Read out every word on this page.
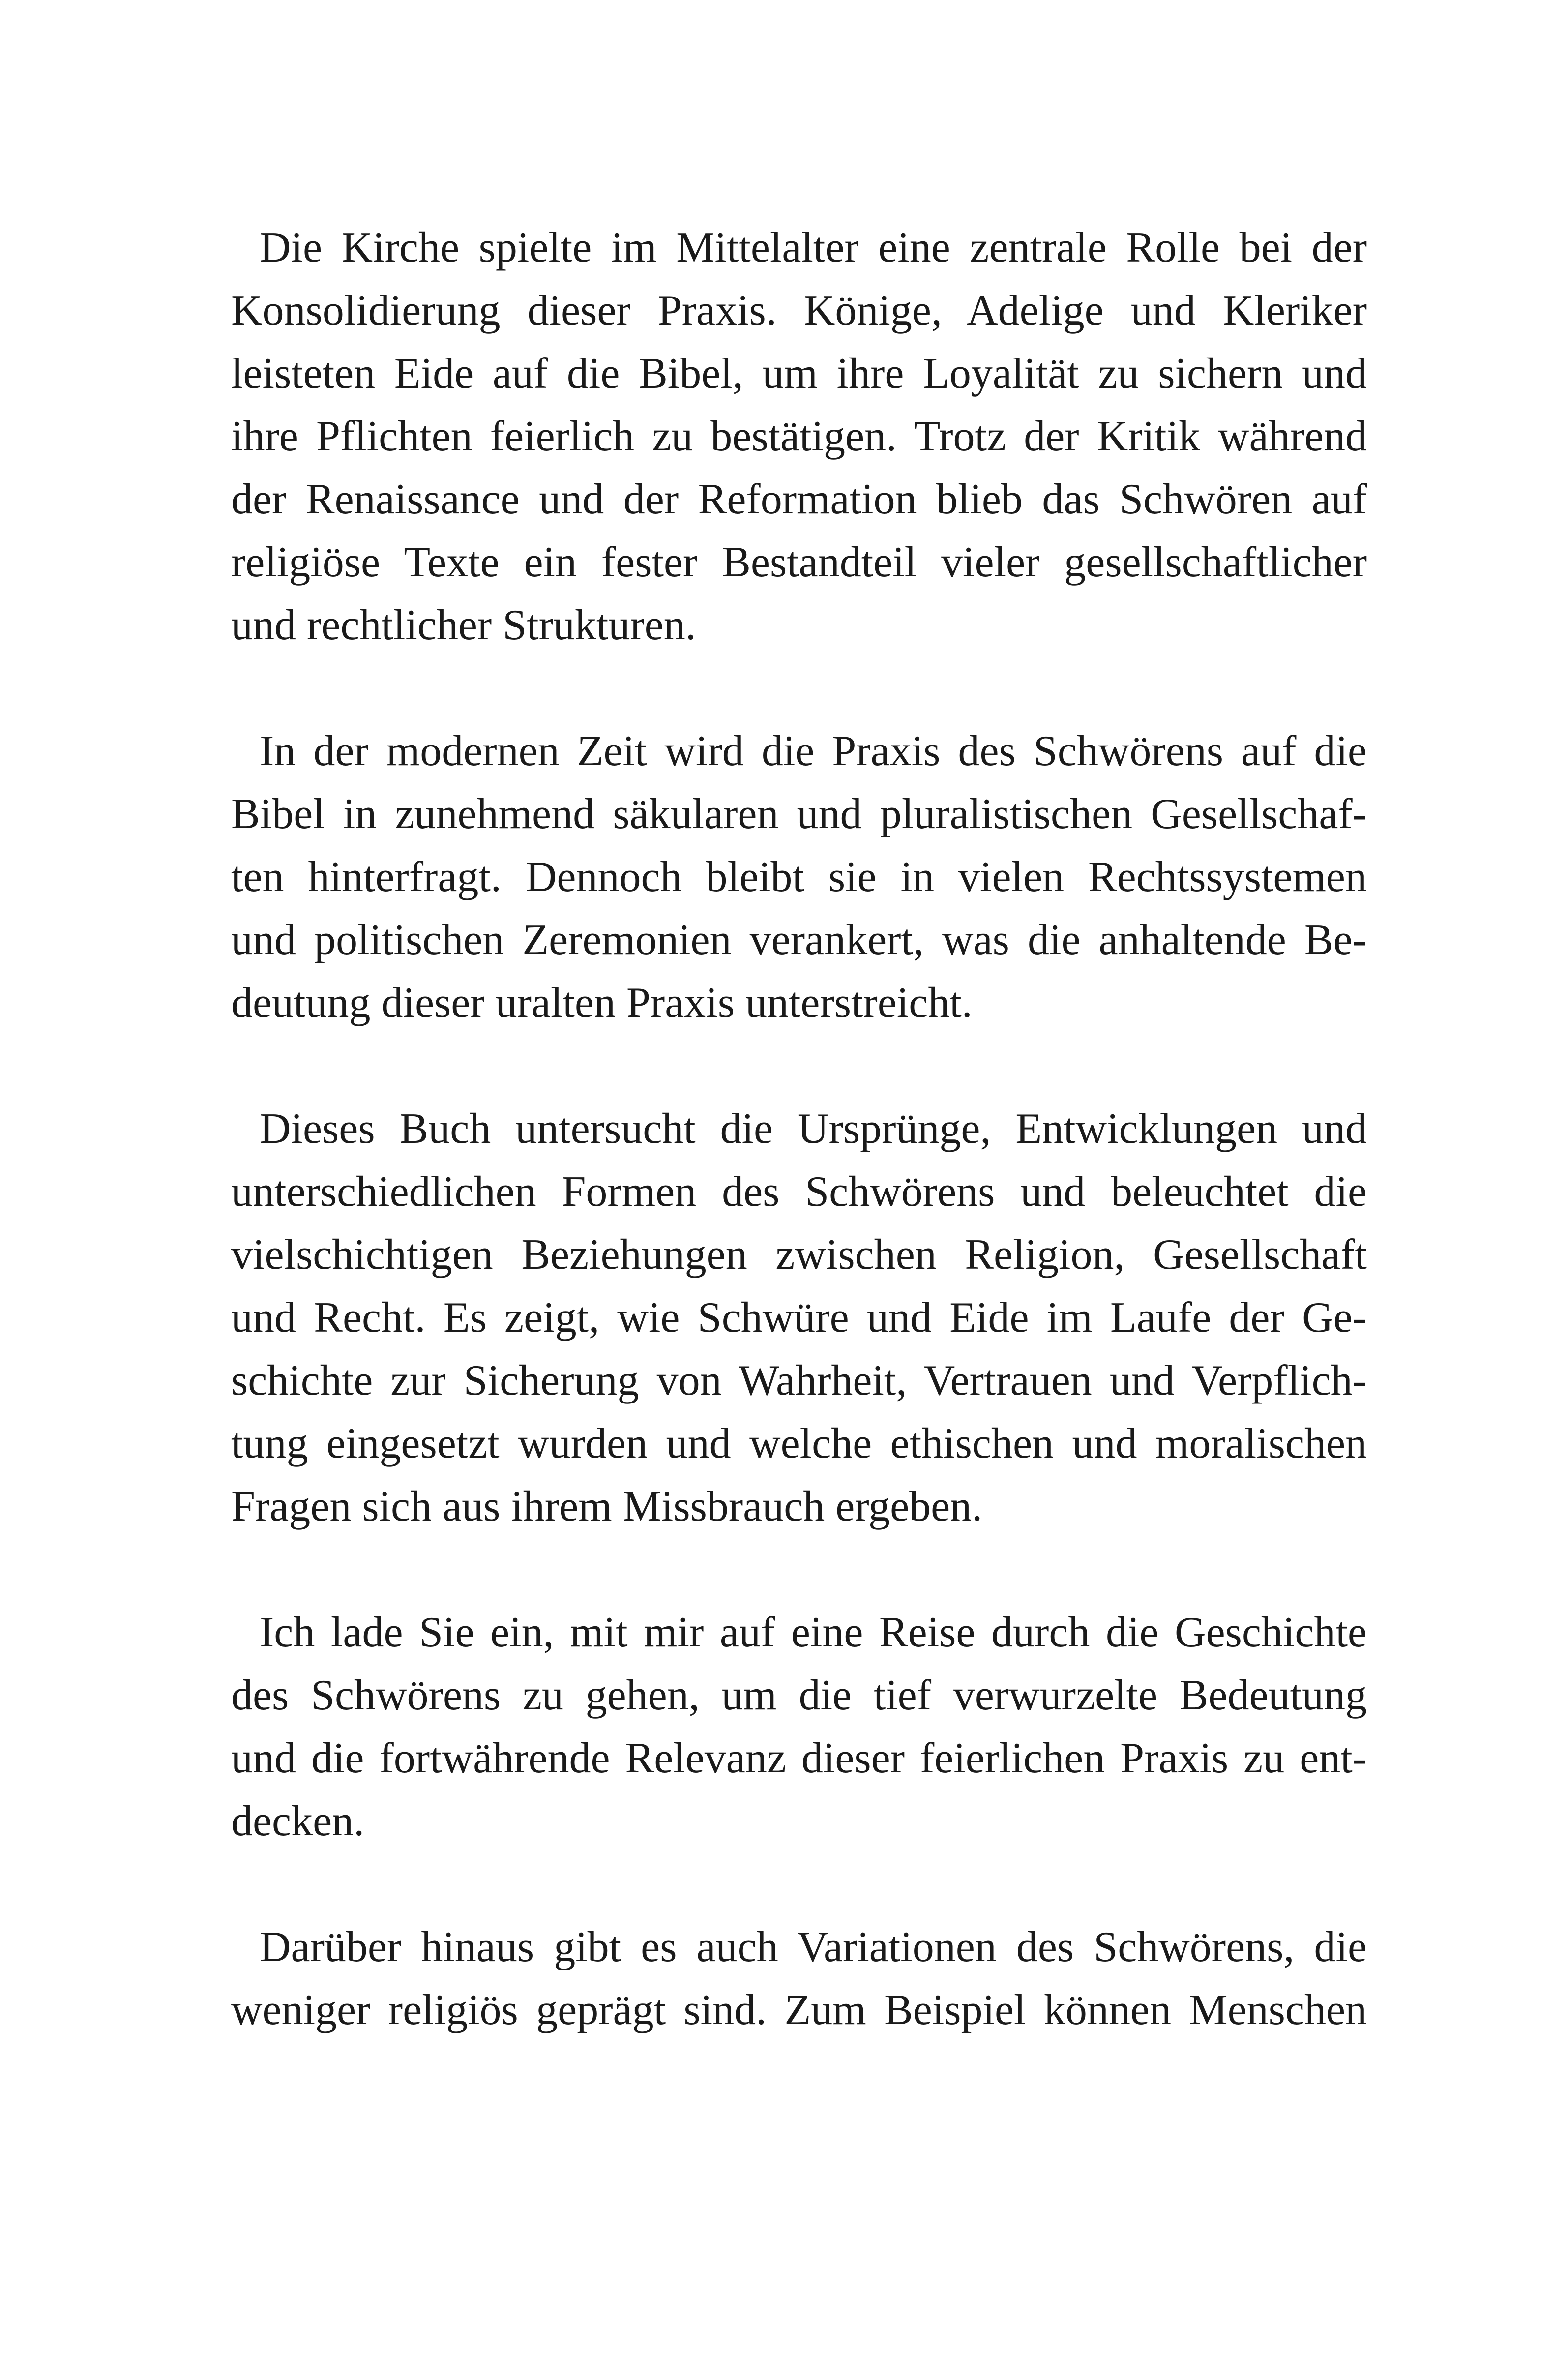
Die Kirche spielte im Mittelalter eine zentrale Rolle bei der
Konsolidierung dieser Praxis. Könige, Adelige und Kleriker
leisteten Eide auf die Bibel, um ihre Loyalität zu sichern und
ihre Pflichten feierlich zu bestätigen. Trotz der Kritik während
der Renaissance und der Reformation blieb das Schwören auf
religiöse Texte ein fester Bestandteil vieler gesellschaftlicher
und rechtlicher Strukturen.
In der modernen Zeit wird die Praxis des Schwörens auf die
Bibel in zunehmend säkularen und pluralistischen Gesellschaf-
ten hinterfragt. Dennoch bleibt sie in vielen Rechtssystemen
und politischen Zeremonien verankert, was die anhaltende Be-
deutung dieser uralten Praxis unterstreicht.
Dieses Buch untersucht die Ursprünge, Entwicklungen und
unterschiedlichen Formen des Schwörens und beleuchtet die
vielschichtigen Beziehungen zwischen Religion, Gesellschaft
und Recht. Es zeigt, wie Schwüre und Eide im Laufe der Ge-
schichte zur Sicherung von Wahrheit, Vertrauen und Verpflich-
tung eingesetzt wurden und welche ethischen und moralischen
Fragen sich aus ihrem Missbrauch ergeben.
Ich lade Sie ein, mit mir auf eine Reise durch die Geschichte
des Schwörens zu gehen, um die tief verwurzelte Bedeutung
und die fortwährende Relevanz dieser feierlichen Praxis zu ent-
decken.
Darüber hinaus gibt es auch Variationen des Schwörens, die
weniger religiös geprägt sind. Zum Beispiel können Menschen
